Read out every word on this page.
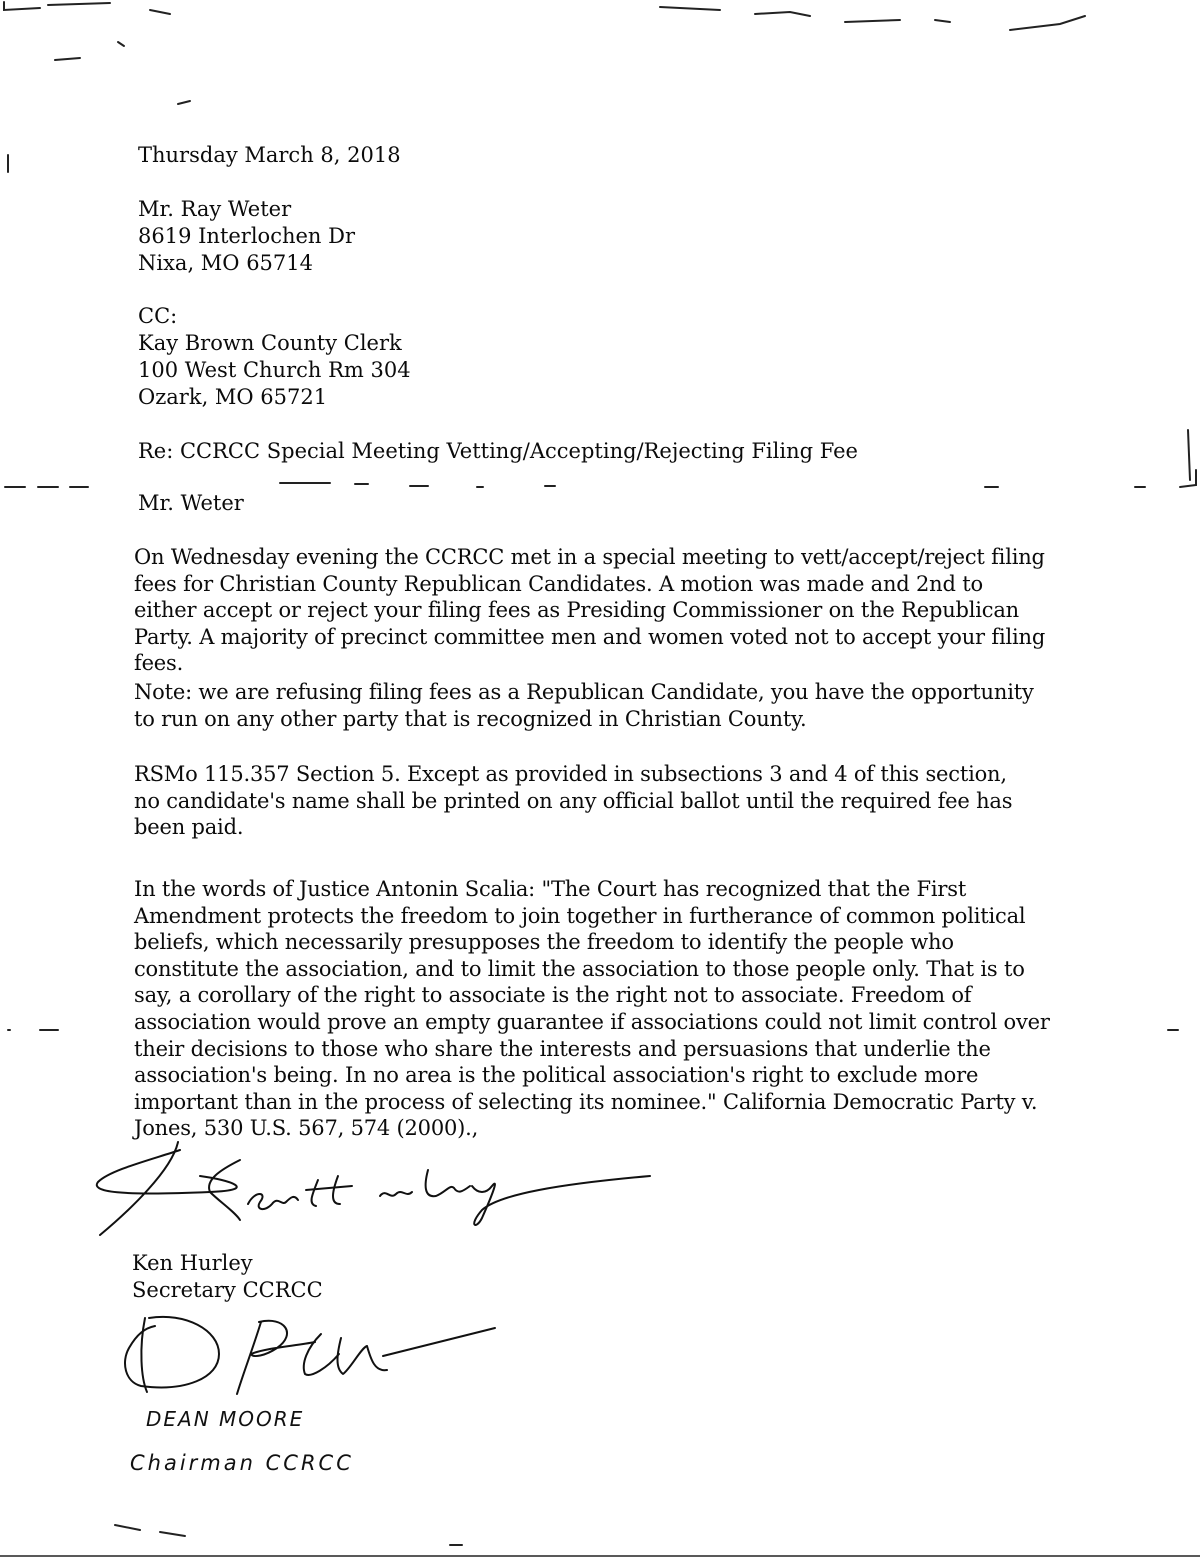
Thursday March 8, 2018
Mr. Ray Weter
8619 Interlochen Dr
Nixa, MO 65714
CC:
Kay Brown County Clerk
100 West Church Rm 304
Ozark, MO 65721
Re: CCRCC Special Meeting Vetting/Accepting/Rejecting Filing Fee
Mr. Weter
On Wednesday evening the CCRCC met in a special meeting to vett/accept/reject filing fees for Christian County Republican Candidates. A motion was made and 2nd to either accept or reject your filing fees as Presiding Commissioner on the Republican Party. A majority of precinct committee men and women voted not to accept your filing fees.
Note: we are refusing filing fees as a Republican Candidate, you have the opportunity to run on any other party that is recognized in Christian County.
RSMo 115.357 Section 5. Except as provided in subsections 3 and 4 of this section, no candidate's name shall be printed on any official ballot until the required fee has been paid.
In the words of Justice Antonin Scalia: "The Court has recognized that the First Amendment protects the freedom to join together in furtherance of common political beliefs, which necessarily presupposes the freedom to identify the people who constitute the association, and to limit the association to those people only. That is to say, a corollary of the right to associate is the right not to associate. Freedom of association would prove an empty guarantee if associations could not limit control over their decisions to those who share the interests and persuasions that underlie the association's being. In no area is the political association's right to exclude more important than in the process of selecting its nominee." California Democratic Party v. Jones, 530 U.S. 567, 574 (2000).,
Ken Hurley
Secretary CCRCC
DEAN MOORE
Chairman CCRCC
